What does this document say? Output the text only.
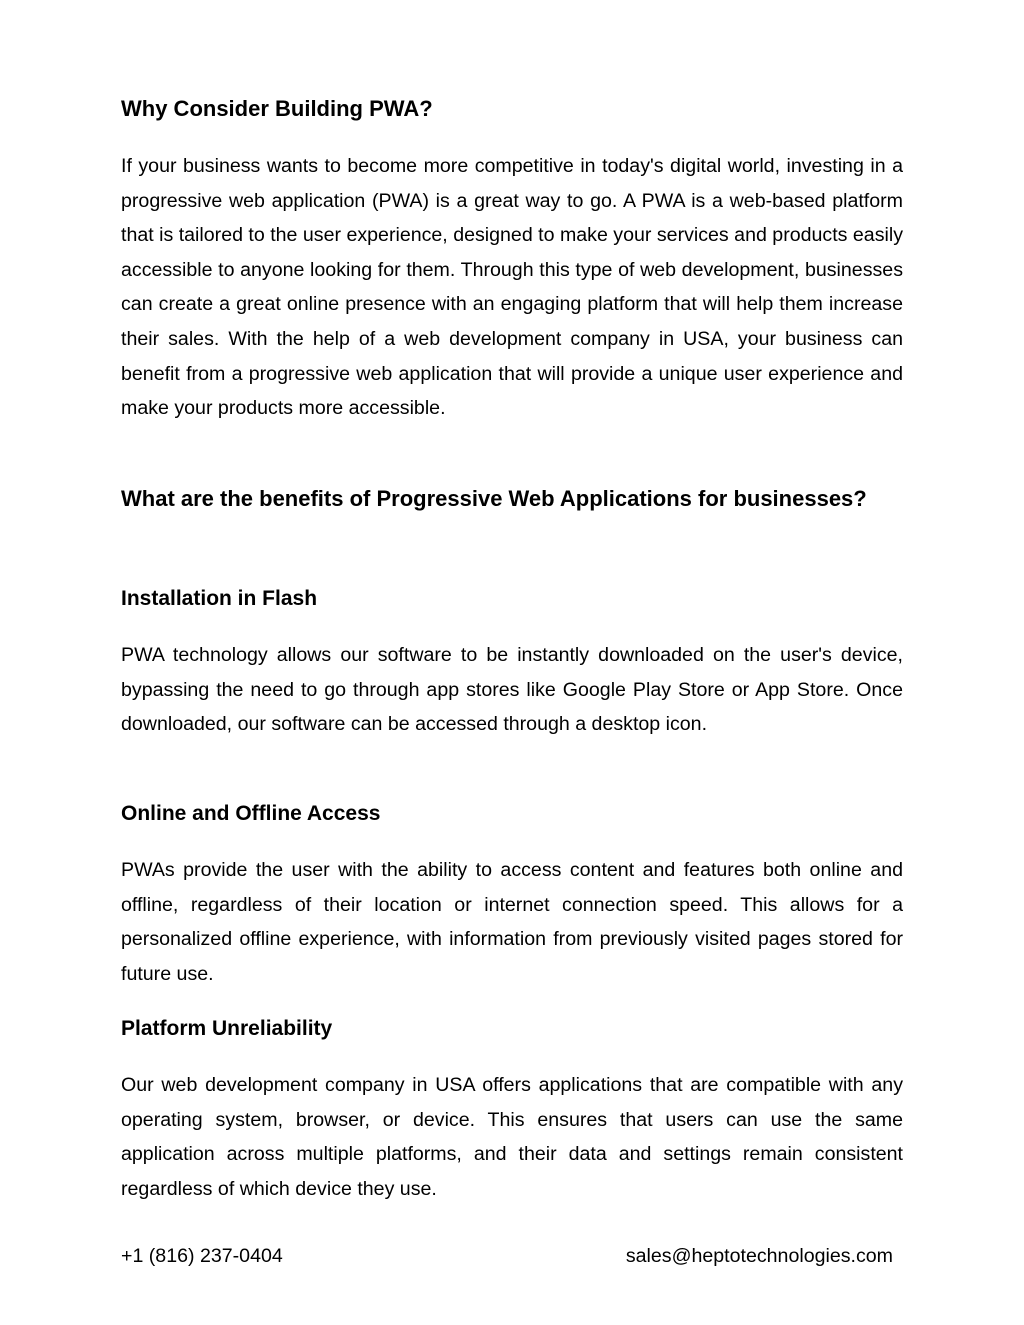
Why Consider Building PWA?

If your business wants to become more competitive in today's digital world, investing in a progressive web application (PWA) is a great way to go. A PWA is a web-based platform that is tailored to the user experience, designed to make your services and products easily accessible to anyone looking for them. Through this type of web development, businesses can create a great online presence with an engaging platform that will help them increase their sales. With the help of a web development company in USA, your business can benefit from a progressive web application that will provide a unique user experience and make your products more accessible.

What are the benefits of Progressive Web Applications for businesses?
Installation in Flash

PWA technology allows our software to be instantly downloaded on the user's device, bypassing the need to go through app stores like Google Play Store or App Store. Once downloaded, our software can be accessed through a desktop icon.

Online and Offline Access

PWAs provide the user with the ability to access content and features both online and offline, regardless of their location or internet connection speed. This allows for a personalized offline experience, with information from previously visited pages stored for future use.

Platform Unreliability

Our web development company in USA offers applications that are compatible with any operating system, browser, or device. This ensures that users can use the same application across multiple platforms, and their data and settings remain consistent regardless of which device they use.

+1 (816) 237-0404	sales@heptotechnologies.com
